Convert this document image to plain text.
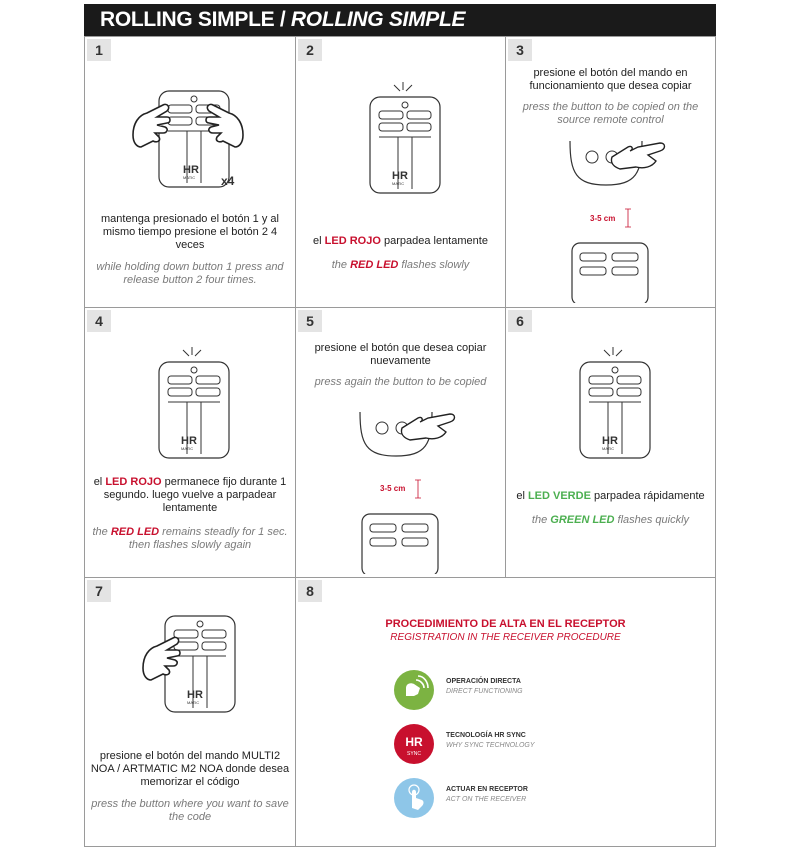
ROLLING SIMPLE / ROLLING SIMPLE
1
HR
MATIC x4
mantenga presionado el botón 1 y al mismo tiempo presione el botón 2 4 veces
while holding down button 1 press and release button 2 four times.
2
HR
MATIC
el LED ROJO parpadea lentamente
the RED LED flashes slowly
3
presione el botón del mando en funcionamiento que desea copiar
press the button to be copied on the source remote control
3-5 cm
4
HR
MATIC
el LED ROJO permanece fijo durante 1 segundo. luego vuelve a parpadear lentamente
the RED LED remains steadly for 1 sec. then flashes slowly again
5
presione el botón que desea copiar nuevamente
press again the button to be copied
3-5 cm
6
HR
MATIC
el LED VERDE parpadea rápidamente
the GREEN LED flashes quickly
7
HR
MATIC
presione el botón del mando MULTI2 NOA / ARTMATIC M2 NOA donde desea memorizar el código
press the button where you want to save the code
8
PROCEDIMIENTO DE ALTA EN EL RECEPTOR
REGISTRATION IN THE RECEIVER PROCEDURE
OPERACIÓN DIRECTA
DIRECT FUNCTIONING
HR
SYNC
TECNOLOGÍA HR SYNC
WHY SYNC TECHNOLOGY
ACTUAR EN RECEPTOR
ACT ON THE RECEIVER
